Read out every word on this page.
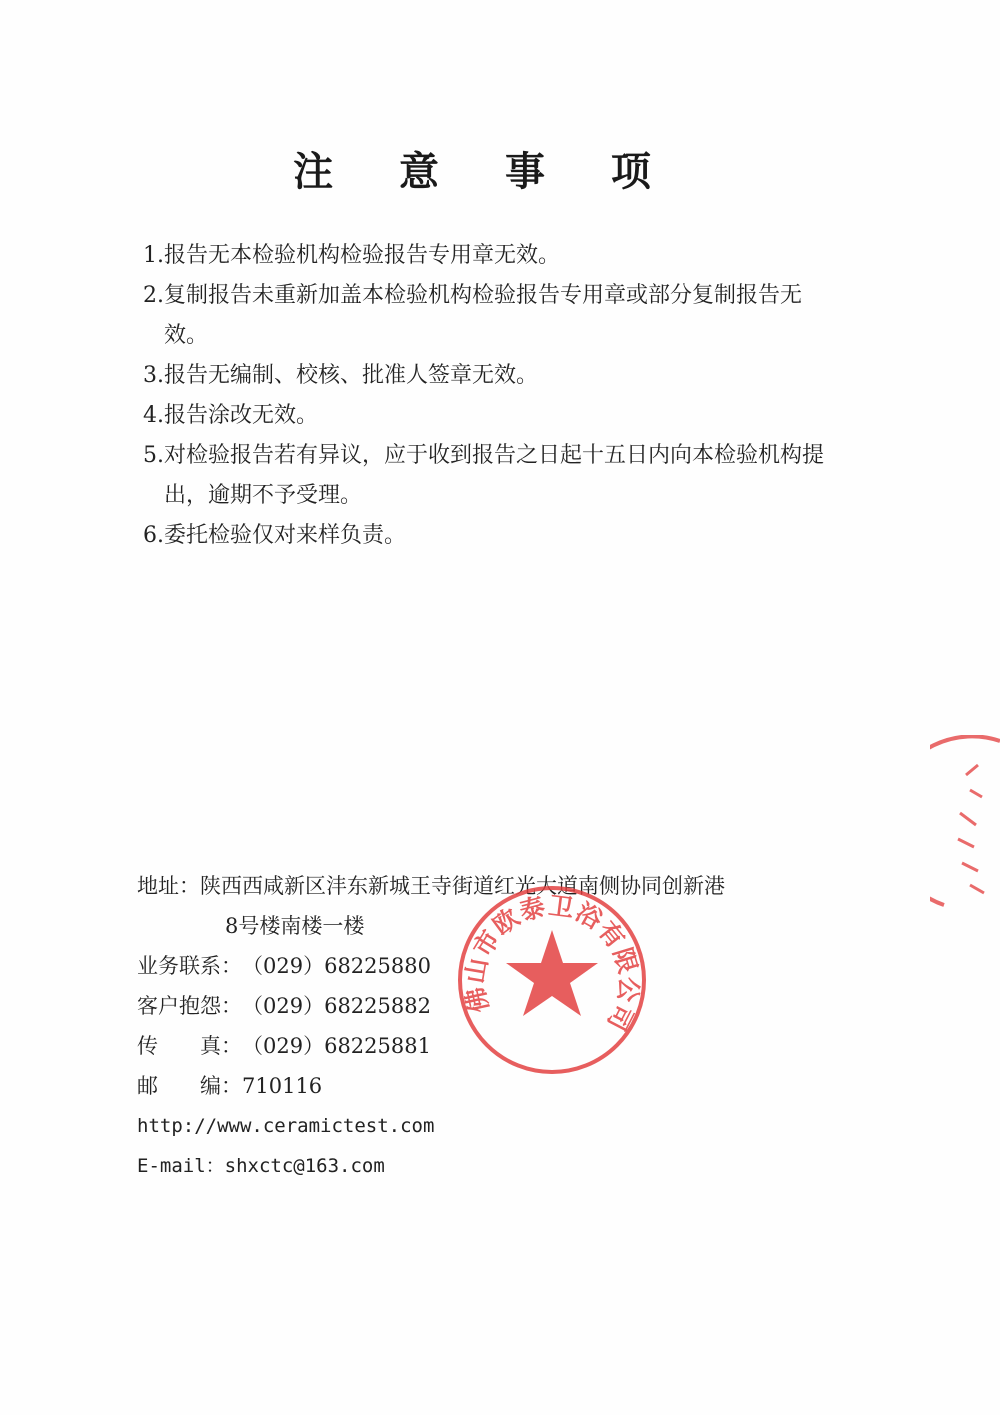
注 意 事 项
1. 报告无本检验机构检验报告专用章无效。
2. 复制报告未重新加盖本检验机构检验报告专用章或部分复制报告无效。
3. 报告无编制、校核、批准人签章无效。
4. 报告涂改无效。
5. 对检验报告若有异议，应于收到报告之日起十五日内向本检验机构提出，逾期不予受理。
6. 委托检验仅对来样负责。
地址： 陕西西咸新区沣东新城王寺街道红光大道南侧协同创新港
8号楼南楼一楼
业务联系： （029）68225880
客户抱怨： （029）68225882
传　　真： （029）68225881
邮　　编： 710116
http://www.ceramictest.com
E-mail： shxctc@163.com
佛山市欧泰卫浴有限公司
